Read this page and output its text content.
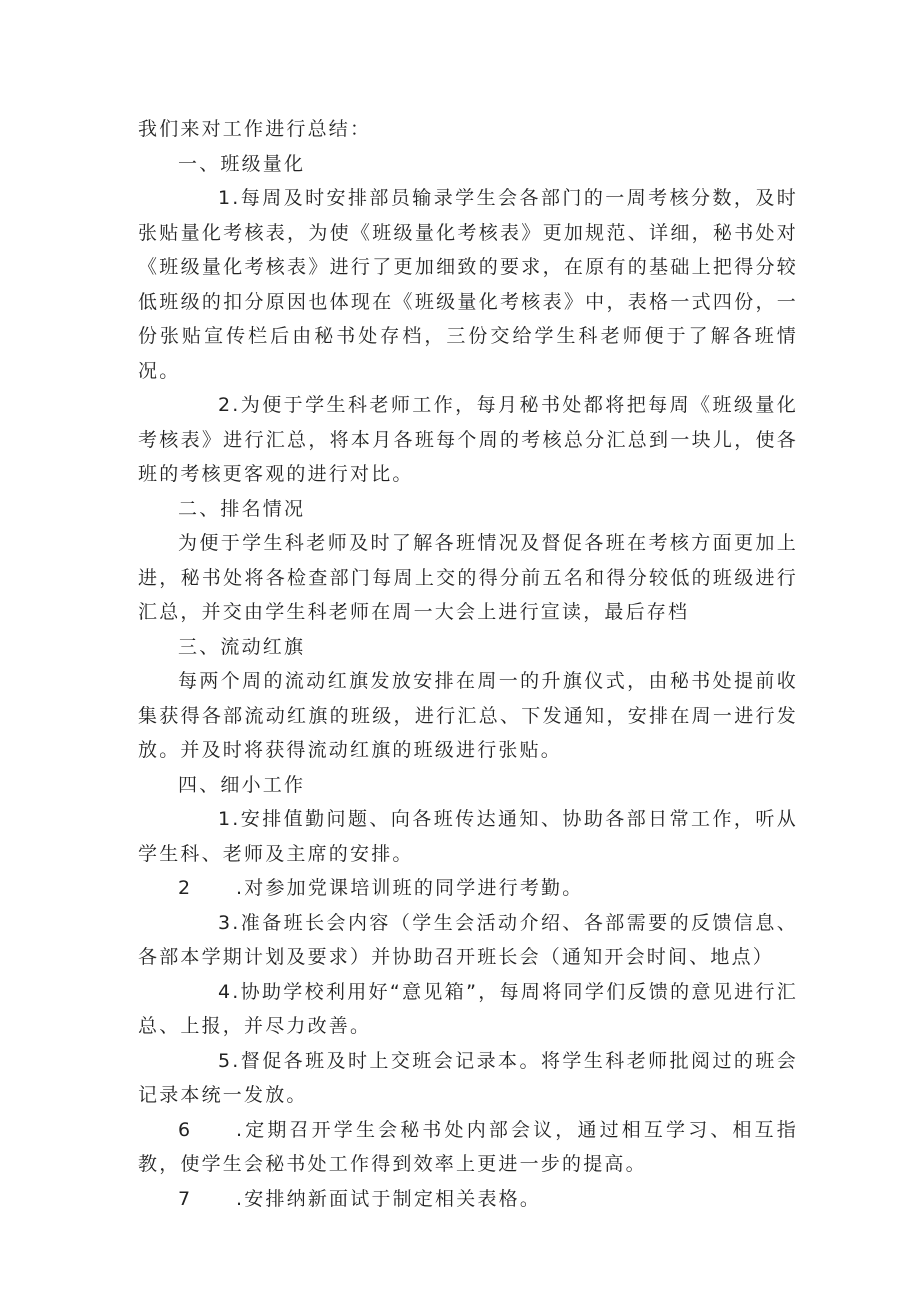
我们来对工作进行总结：

一、班级量化

1.每周及时安排部员输录学生会各部门的一周考核分数，及时张贴量化考核表，为使《班级量化考核表》更加规范、详细，秘书处对《班级量化考核表》进行了更加细致的要求，在原有的基础上把得分较低班级的扣分原因也体现在《班级量化考核表》中，表格一式四份，一份张贴宣传栏后由秘书处存档，三份交给学生科老师便于了解各班情况。

2.为便于学生科老师工作，每月秘书处都将把每周《班级量化考核表》进行汇总，将本月各班每个周的考核总分汇总到一块儿，使各班的考核更客观的进行对比。

二、排名情况

为便于学生科老师及时了解各班情况及督促各班在考核方面更加上进，秘书处将各检查部门每周上交的得分前五名和得分较低的班级进行汇总，并交由学生科老师在周一大会上进行宣读，最后存档

三、流动红旗

每两个周的流动红旗发放安排在周一的升旗仪式，由秘书处提前收集获得各部流动红旗的班级，进行汇总、下发通知，安排在周一进行发放。并及时将获得流动红旗的班级进行张贴。

四、细小工作

1.安排值勤问题、向各班传达通知、协助各部日常工作，听从学生科、老师及主席的安排。

2 .对参加党课培训班的同学进行考勤。

3.准备班长会内容（学生会活动介绍、各部需要的反馈信息、各部本学期计划及要求）并协助召开班长会（通知开会时间、地点）

4.协助学校利用好“意见箱”，每周将同学们反馈的意见进行汇总、上报，并尽力改善。

5.督促各班及时上交班会记录本。将学生科老师批阅过的班会记录本统一发放。

6 .定期召开学生会秘书处内部会议，通过相互学习、相互指教，使学生会秘书处工作得到效率上更进一步的提高。

7 .安排纳新面试于制定相关表格。
